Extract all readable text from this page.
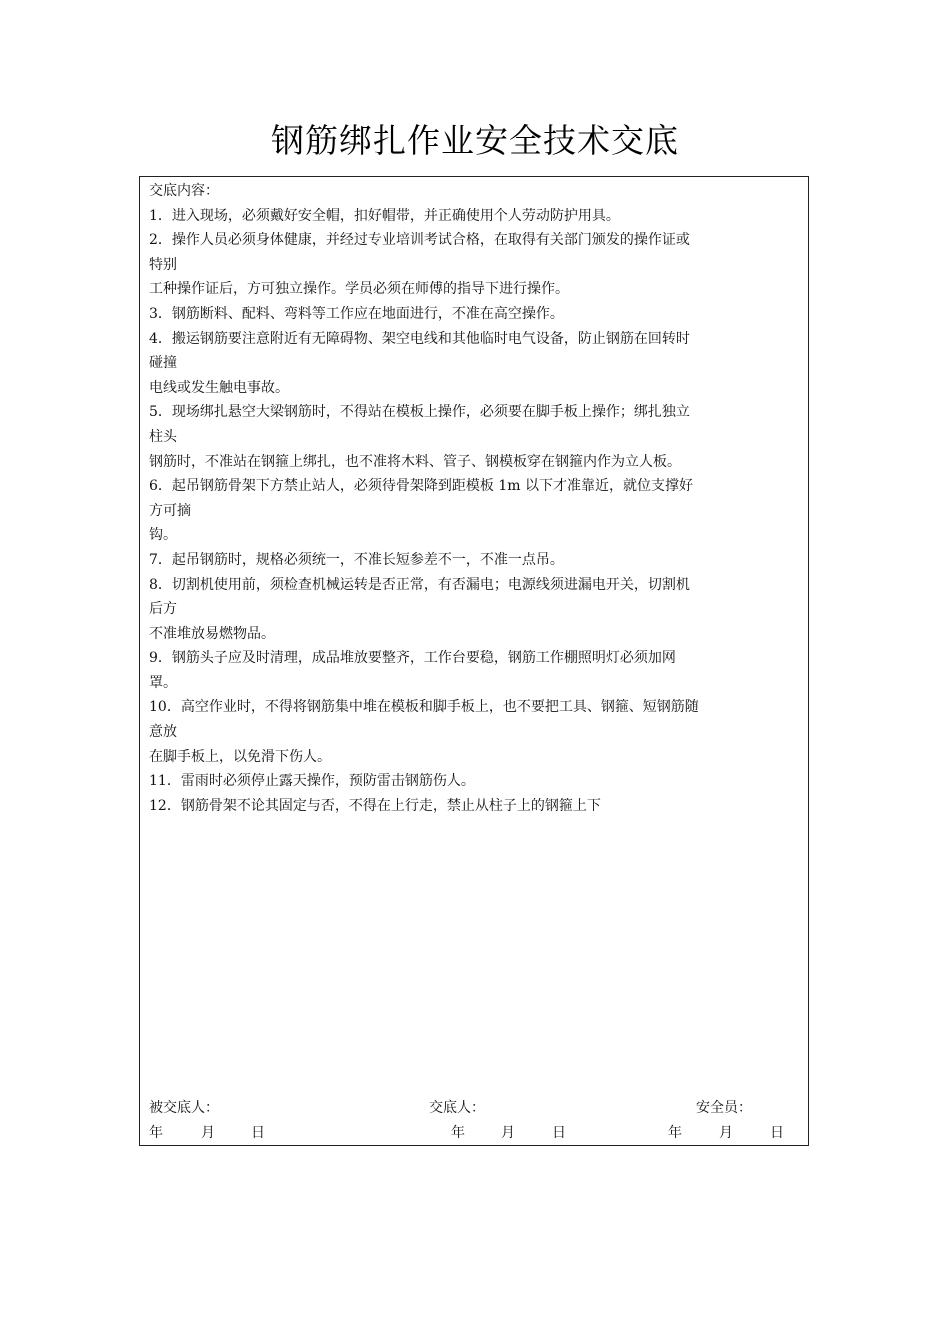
钢筋绑扎作业安全技术交底
交底内容：
1．进入现场，必须戴好安全帽，扣好帽带，并正确使用个人劳动防护用具。
2．操作人员必须身体健康，并经过专业培训考试合格，在取得有关部门颁发的操作证或
特别
工种操作证后，方可独立操作。学员必须在师傅的指导下进行操作。
3．钢筋断料、配料、弯料等工作应在地面进行，不准在高空操作。
4．搬运钢筋要注意附近有无障碍物、架空电线和其他临时电气设备，防止钢筋在回转时
碰撞
电线或发生触电事故。
5．现场绑扎悬空大梁钢筋时，不得站在模板上操作，必须要在脚手板上操作；绑扎独立
柱头
钢筋时，不准站在钢箍上绑扎，也不准将木料、管子、钢模板穿在钢箍内作为立人板。
6．起吊钢筋骨架下方禁止站人，必须待骨架降到距模板 1m 以下才准靠近，就位支撑好
方可摘
钩。
7．起吊钢筋时，规格必须统一，不准长短参差不一，不准一点吊。
8．切割机使用前，须检查机械运转是否正常，有否漏电；电源线须进漏电开关，切割机
后方
不准堆放易燃物品。
9．钢筋头子应及时清理，成品堆放要整齐，工作台要稳，钢筋工作棚照明灯必须加网
罩。
10．高空作业时，不得将钢筋集中堆在模板和脚手板上，也不要把工具、钢箍、短钢筋随
意放
在脚手板上，以免滑下伤人。
11．雷雨时必须停止露天操作，预防雷击钢筋伤人。
12．钢筋骨架不论其固定与否，不得在上行走，禁止从柱子上的钢箍上下
被交底人：	交底人：	安全员：
年	月	日	年	月	日	年	月	日
